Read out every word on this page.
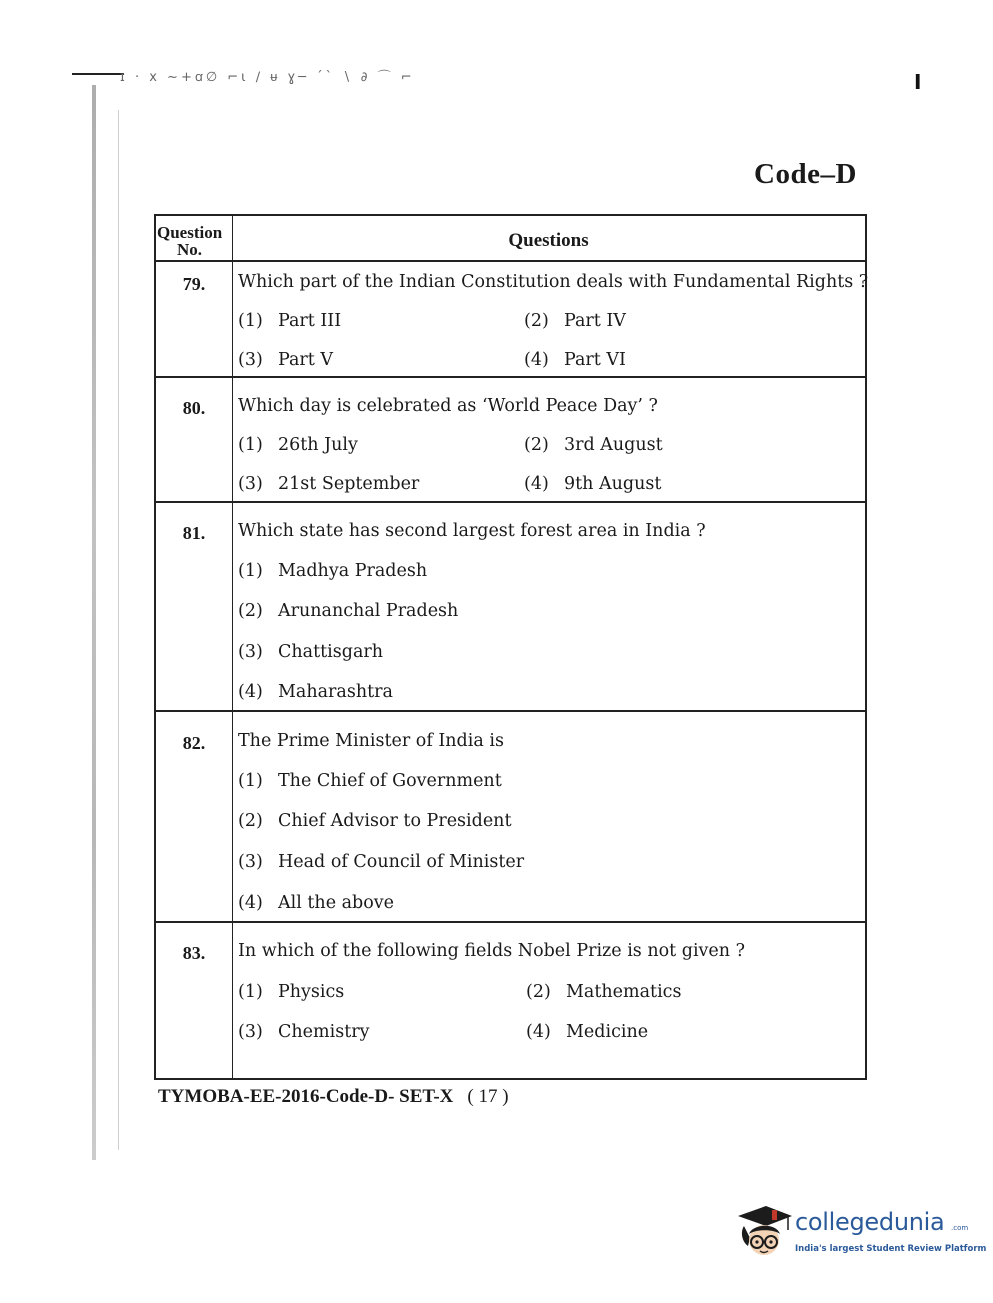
ɪ · x ~+ꭤ∅ ⌐ι ∕ ᵾ ɣ─ ˊˋ ∖ ∂ ⌒ ⌐	I
Code–D
Question
No.	Questions
79.	Which part of the Indian Constitution deals with Fundamental Rights ?
(1) Part III	(2) Part IV
(3) Part V	(4) Part VI
80.	Which day is celebrated as ‘World Peace Day’ ?
(1) 26th July	(2) 3rd August
(3) 21st September	(4) 9th August
81.	Which state has second largest forest area in India ?
(1) Madhya Pradesh
(2) Arunanchal Pradesh
(3) Chattisgarh
(4) Maharashtra
82.	The Prime Minister of India is
(1) The Chief of Government
(2) Chief Advisor to President
(3) Head of Council of Minister
(4) All the above
83.	In which of the following fields Nobel Prize is not given ?
(1) Physics	(2) Mathematics
(3) Chemistry	(4) Medicine
TYMOBA-EE-2016-Code-D- SET-X ( 17 )
collegedunia .com
India's largest Student Review Platform
